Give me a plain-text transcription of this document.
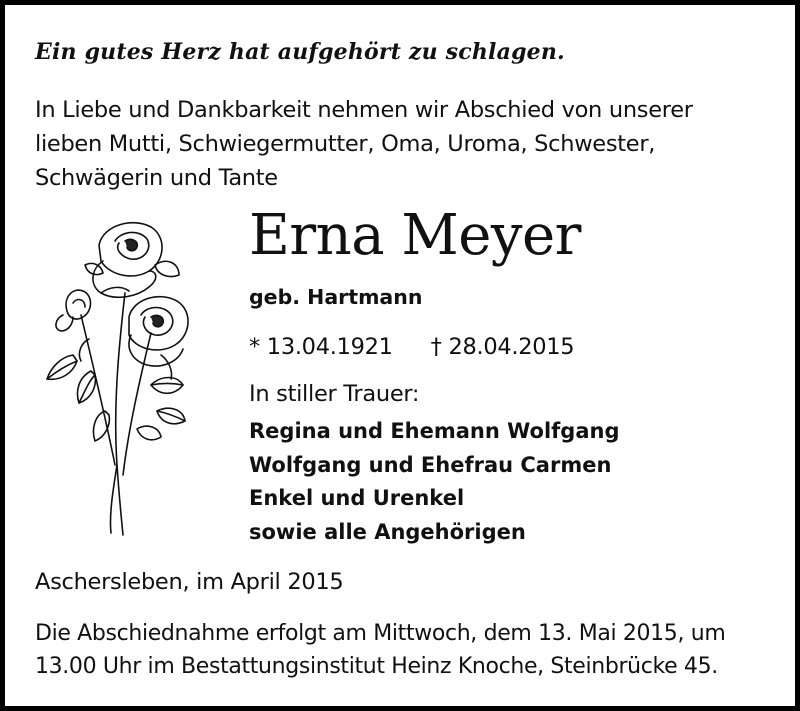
Ein gutes Herz hat aufgehört zu schlagen.
In Liebe und Dankbarkeit nehmen wir Abschied von unserer
lieben Mutti, Schwiegermutter, Oma, Uroma, Schwester,
Schwägerin und Tante
Erna Meyer
geb. Hartmann
* 13.04.1921 † 28.04.2015
In stiller Trauer:
Regina und Ehemann Wolfgang
Wolfgang und Ehefrau Carmen
Enkel und Urenkel
sowie alle Angehörigen
Aschersleben, im April 2015
Die Abschiednahme erfolgt am Mittwoch, dem 13. Mai 2015, um
13.00 Uhr im Bestattungsinstitut Heinz Knoche, Steinbrücke 45.
